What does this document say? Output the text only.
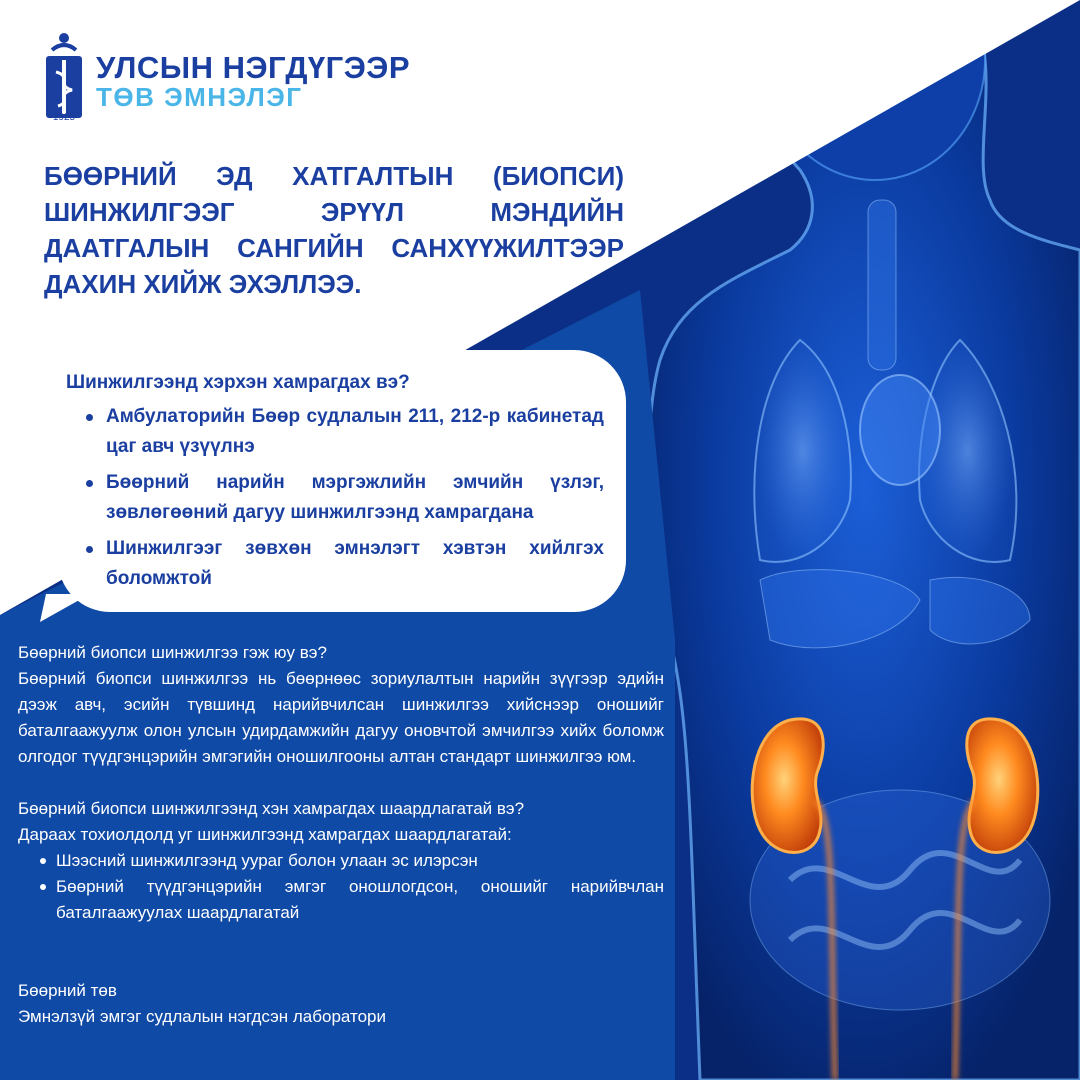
УЛСЫН НЭГДҮГЭЭР

ТӨВ ЭМНЭЛЭГ

1925

БӨӨРНИЙ ЭД ХАТГАЛТЫН (БИОПСИ) ШИНЖИЛГЭЭГ ЭРҮҮЛ МЭНДИЙН ДААТГАЛЫН САНГИЙН САНХҮҮЖИЛТЭЭР ДАХИН ХИЙЖ ЭХЭЛЛЭЭ.

Шинжилгээнд хэрхэн хамрагдах вэ?

Амбулаторийн Бөөр судлалын 211, 212-р кабинетад цаг авч үзүүлнэ
Бөөрний нарийн мэргэжлийн эмчийн үзлэг, зөвлөгөөний дагуу шинжилгээнд хамрагдана
Шинжилгээг зөвхөн эмнэлэгт хэвтэн хийлгэх боломжтой

Бөөрний биопси шинжилгээ гэж юу вэ?

Бөөрний биопси шинжилгээ нь бөөрнөөс зориулалтын нарийн зүүгээр эдийн дээж авч, эсийн түвшинд нарийвчилсан шинжилгээ хийснээр оношийг баталгаажуулж олон улсын удирдамжийн дагуу оновчтой эмчилгээ хийх боломж олгодог түүдгэнцэрийн эмгэгийн оношилгооны алтан стандарт шинжилгээ юм.

Бөөрний биопси шинжилгээнд хэн хамрагдах шаардлагатай вэ?

Дараах тохиолдолд уг шинжилгээнд хамрагдах шаардлагатай:

Шээсний шинжилгээнд уураг болон улаан эс илэрсэн
Бөөрний түүдгэнцэрийн эмгэг оношлогдсон, оношийг нарийвчлан баталгаажуулах шаардлагатай

Бөөрний төв

Эмнэлзүй эмгэг судлалын нэгдсэн лаборатори
